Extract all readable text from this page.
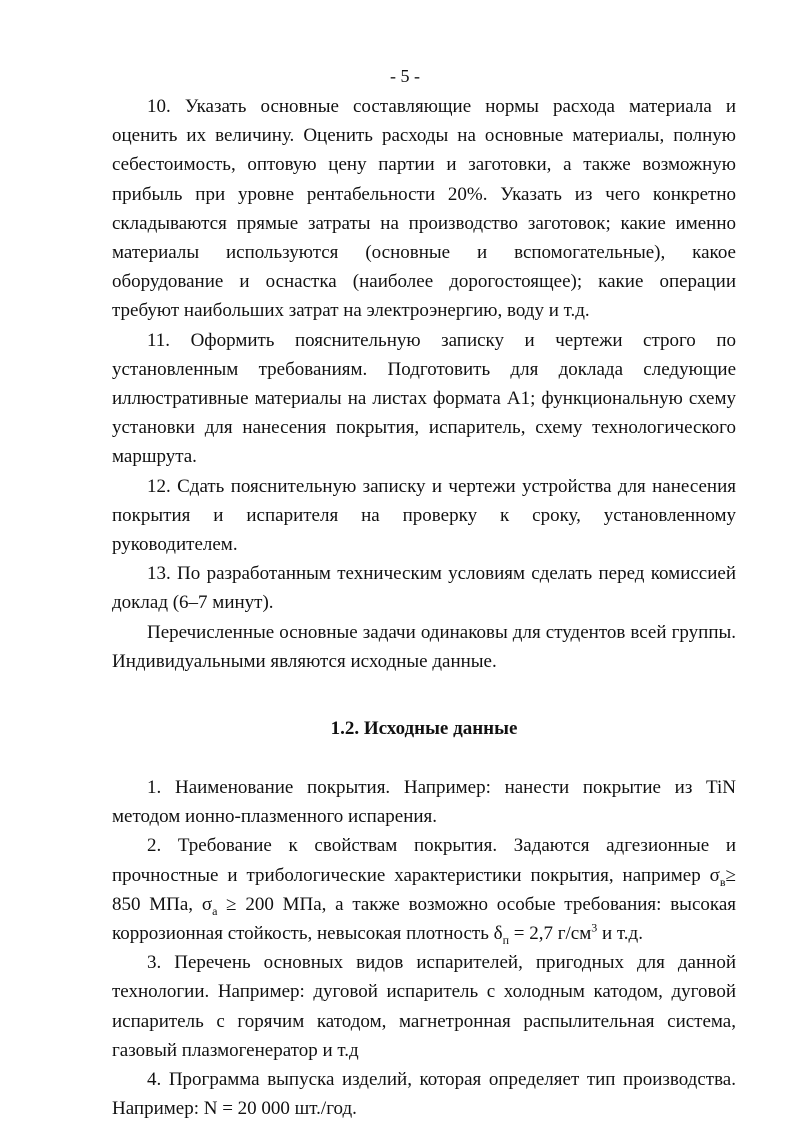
- 5 -

10. Указать основные составляющие нормы расхода материала и оценить их величину. Оценить расходы на основные материалы, полную себестоимость, оптовую цену партии и заготовки, а также возможную прибыль при уровне рентабельности 20%. Указать из чего конкретно складываются прямые затраты на производство заготовок; какие именно материалы используются (основные и вспомогательные), какое оборудование и оснастка (наиболее дорогостоящее); какие операции требуют наибольших затрат на электроэнергию, воду и т.д.

11. Оформить пояснительную записку и чертежи строго по установленным требованиям. Подготовить для доклада следующие иллюстративные материалы на листах формата А1; функциональную схему установки для нанесения покрытия, испаритель, схему технологического маршрута.

12. Сдать пояснительную записку и чертежи устройства для нанесения покрытия и испарителя на проверку к сроку, установленному руководителем.

13. По разработанным техническим условиям сделать перед комиссией доклад (6–7 минут).

Перечисленные основные задачи одинаковы для студентов всей группы. Индивидуальными являются исходные данные.

1.2. Исходные данные

1. Наименование покрытия. Например: нанести покрытие из TiN методом ионно-плазменного испарения.

2. Требование к свойствам покрытия. Задаются адгезионные и прочностные и трибологические характеристики покрытия, например $\sigma_в\ge 850$ МПа, $\sigma_а \ge 200$ МПа, а также возможно особые требования: высокая коррозионная стойкость, невысокая плотность $\delta_п = 2,7$ $г/см^3$ и т.д.

3. Перечень основных видов испарителей, пригодных для данной технологии. Например: дуговой испаритель с холодным катодом, дуговой испаритель с горячим катодом, магнетронная распылительная система, газовый плазмогенератор и т.д

4. Программа выпуска изделий, которая определяет тип производства. Например: N = 20 000 шт./год.
